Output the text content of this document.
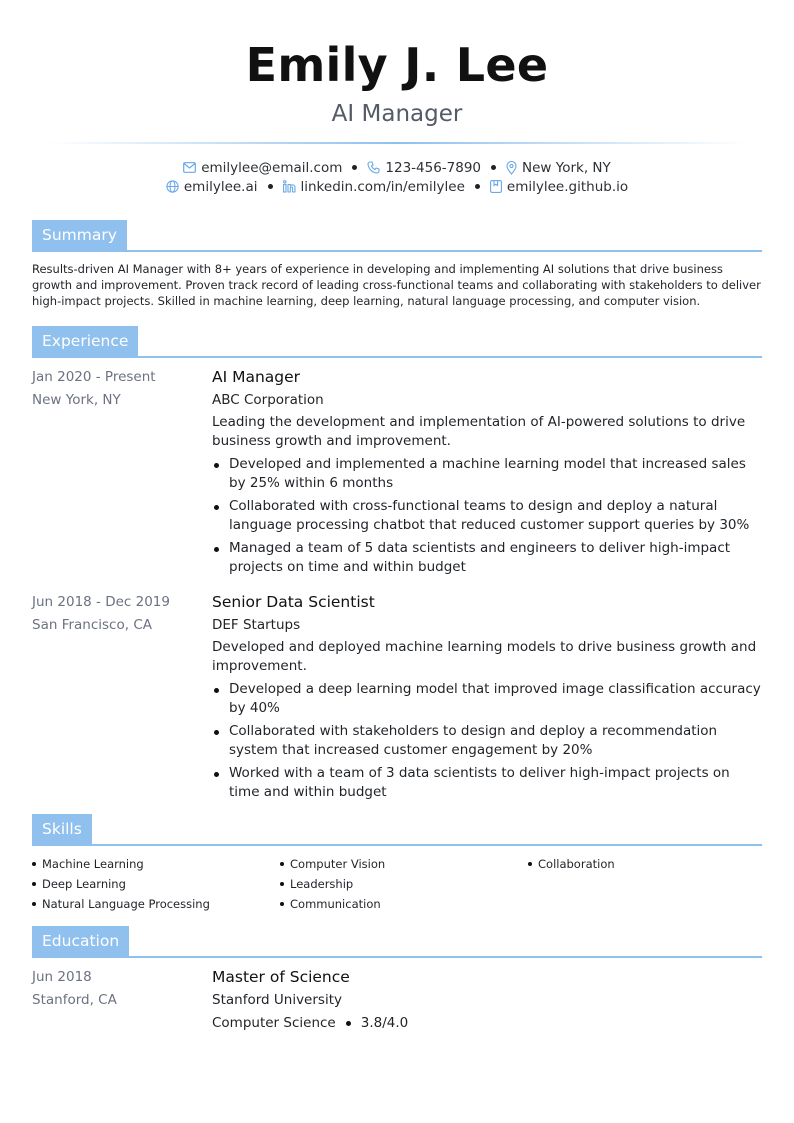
Emily J. Lee
AI Manager
emilylee@email.com	123-456-7890	New York, NY
emilylee.ai	linkedin.com/in/emilylee	emilylee.github.io
Summary
Results-driven AI Manager with 8+ years of experience in developing and implementing AI solutions that drive business growth and improvement. Proven track record of leading cross-functional teams and collaborating with stakeholders to deliver high-impact projects. Skilled in machine learning, deep learning, natural language processing, and computer vision.
Experience
Jan 2020 - Present
New York, NY
AI Manager
ABC Corporation
Leading the development and implementation of AI-powered solutions to drive business growth and improvement.
Developed and implemented a machine learning model that increased sales by 25% within 6 months
Collaborated with cross-functional teams to design and deploy a natural language processing chatbot that reduced customer support queries by 30%
Managed a team of 5 data scientists and engineers to deliver high-impact projects on time and within budget
Jun 2018 - Dec 2019
San Francisco, CA
Senior Data Scientist
DEF Startups
Developed and deployed machine learning models to drive business growth and improvement.
Developed a deep learning model that improved image classification accuracy by 40%
Collaborated with stakeholders to design and deploy a recommendation system that increased customer engagement by 20%
Worked with a team of 3 data scientists to deliver high-impact projects on time and within budget
Skills
Machine Learning	Computer Vision	Collaboration
Deep Learning	Leadership
Natural Language Processing	Communication
Education
Jun 2018
Stanford, CA
Master of Science
Stanford University
Computer Science 3.8/4.0
